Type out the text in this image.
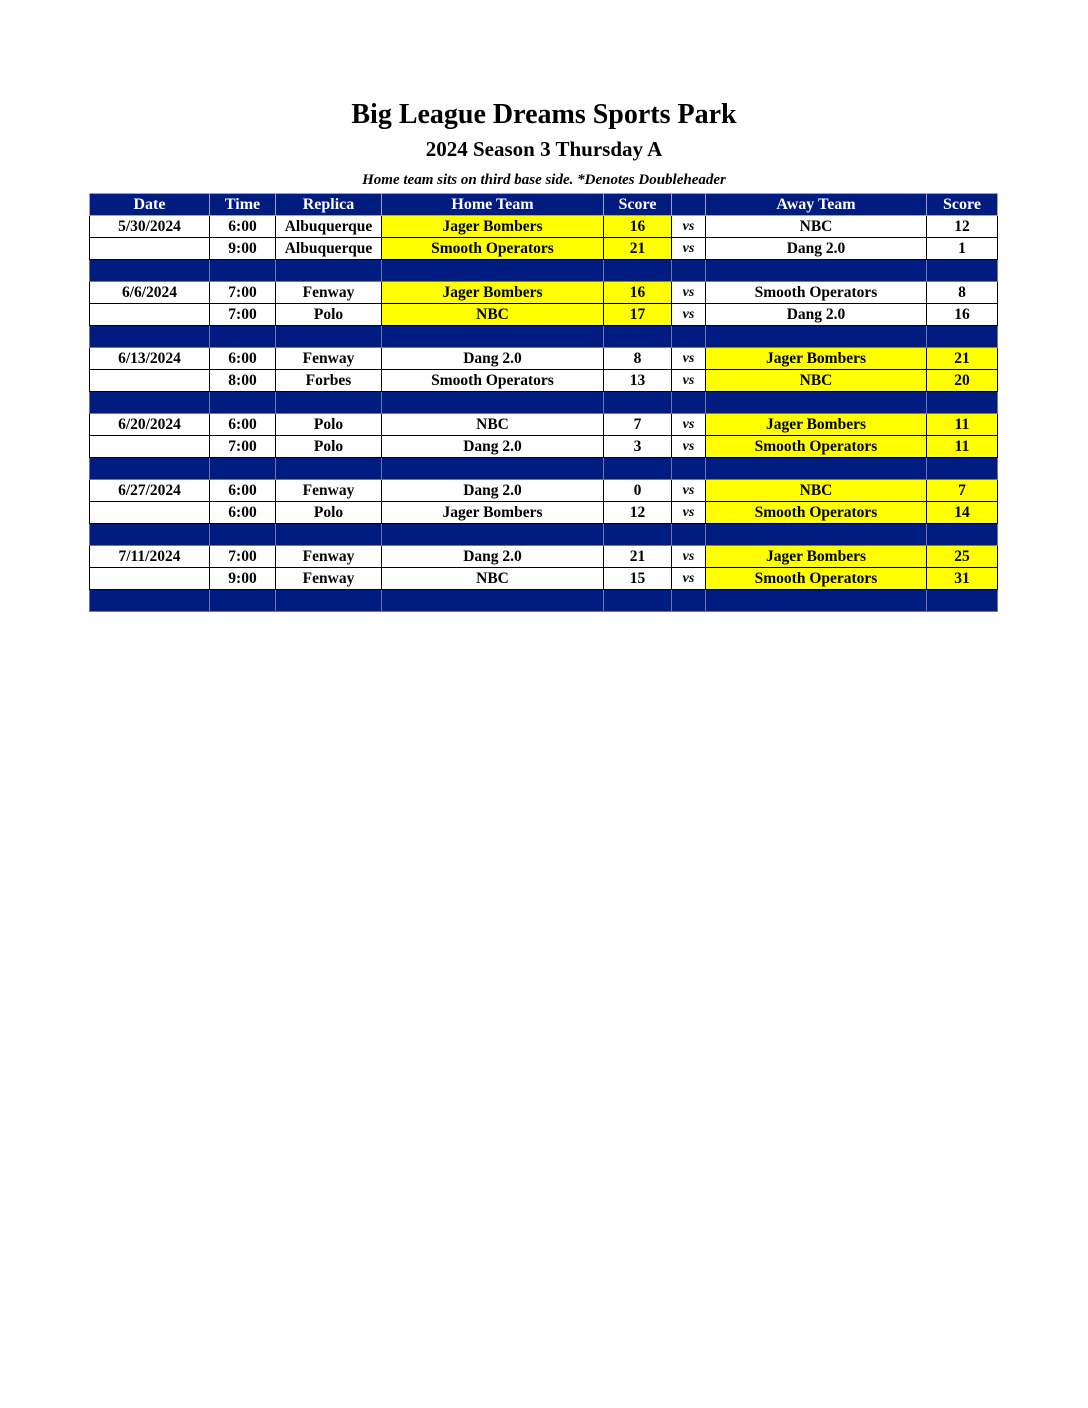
Big League Dreams Sports Park
2024 Season 3 Thursday A
Home team sits on third base side. *Denotes Doubleheader
Date	Time	Replica	Home Team	Score		Away Team	Score
5/30/2024	6:00	Albuquerque	Jager Bombers	16	vs	NBC	12
	9:00	Albuquerque	Smooth Operators	21	vs	Dang 2.0	1

6/6/2024	7:00	Fenway	Jager Bombers	16	vs	Smooth Operators	8
	7:00	Polo	NBC	17	vs	Dang 2.0	16

6/13/2024	6:00	Fenway	Dang 2.0	8	vs	Jager Bombers	21
	8:00	Forbes	Smooth Operators	13	vs	NBC	20

6/20/2024	6:00	Polo	NBC	7	vs	Jager Bombers	11
	7:00	Polo	Dang 2.0	3	vs	Smooth Operators	11

6/27/2024	6:00	Fenway	Dang 2.0	0	vs	NBC	7
	6:00	Polo	Jager Bombers	12	vs	Smooth Operators	14

7/11/2024	7:00	Fenway	Dang 2.0	21	vs	Jager Bombers	25
	9:00	Fenway	NBC	15	vs	Smooth Operators	31
